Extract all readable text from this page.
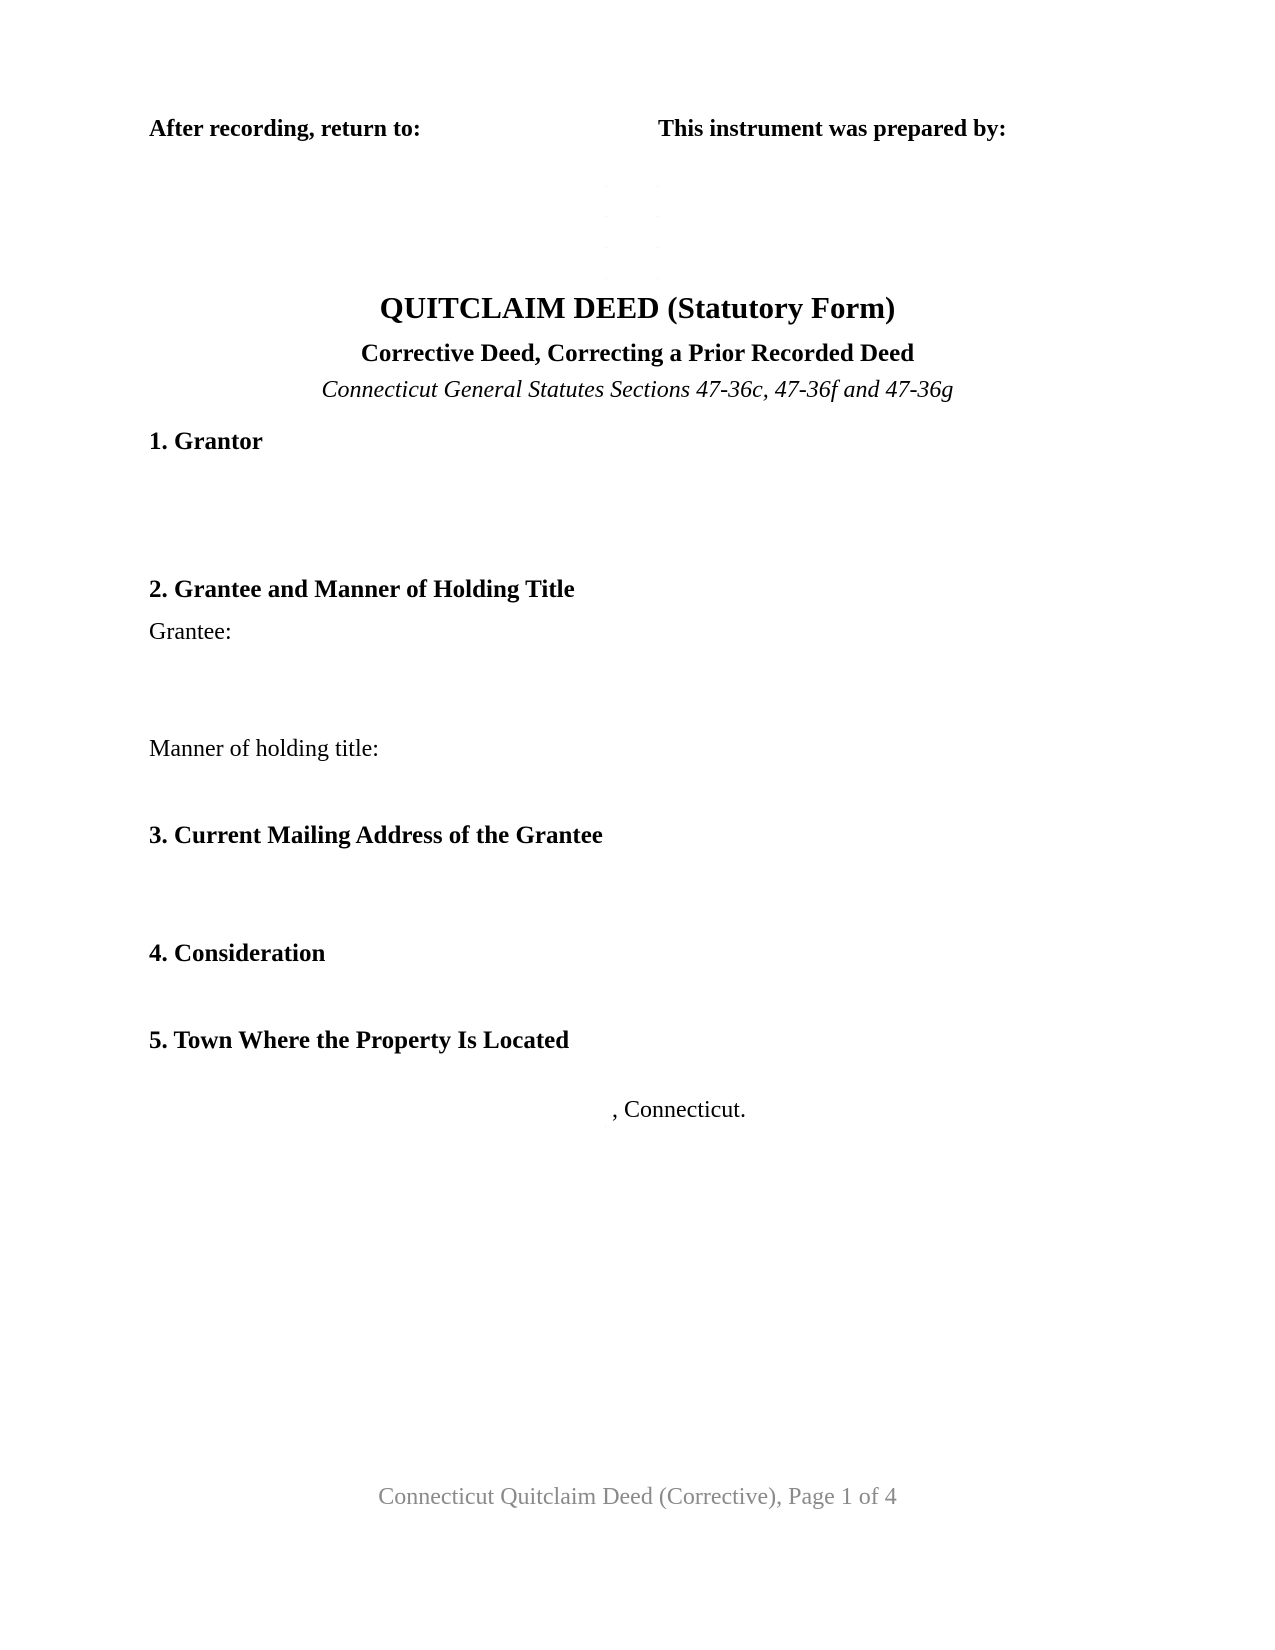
After recording, return to:	This instrument was prepared by:
QUITCLAIM DEED (Statutory Form)
Corrective Deed, Correcting a Prior Recorded Deed
Connecticut General Statutes Sections 47-36c, 47-36f and 47-36g
1. Grantor
2. Grantee and Manner of Holding Title
Grantee:
Manner of holding title:
3. Current Mailing Address of the Grantee
4. Consideration
5. Town Where the Property Is Located
, Connecticut.
Connecticut Quitclaim Deed (Corrective), Page 1 of 4
